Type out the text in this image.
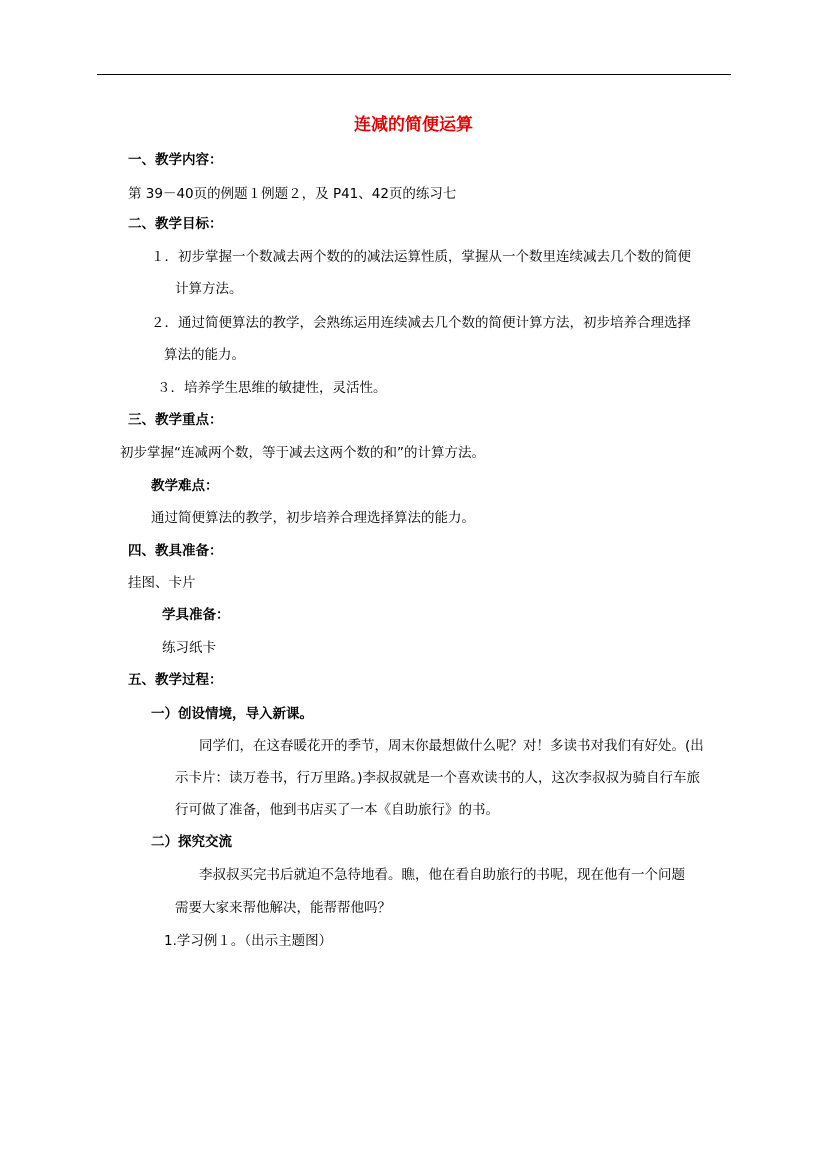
连减的简便运算
一、教学内容：
第 39－40页的例题１例题２，及 P41、42页的练习七
二、教学目标：
１．初步掌握一个数减去两个数的的减法运算性质，掌握从一个数里连续减去几个数的简便
计算方法。
２．通过简便算法的教学，会熟练运用连续减去几个数的简便计算方法，初步培养合理选择
算法的能力。
３．培养学生思维的敏捷性，灵活性。
三、教学重点：
初步掌握“连减两个数，等于减去这两个数的和”的计算方法。
教学难点：
通过简便算法的教学，初步培养合理选择算法的能力。
四、教具准备：
挂图、卡片
学具准备：
练习纸卡
五、教学过程：
一）创设情境，导入新课。
同学们，在这春暖花开的季节，周末你最想做什么呢？对！多读书对我们有好处。(出
示卡片：读万卷书，行万里路。)李叔叔就是一个喜欢读书的人，这次李叔叔为骑自行车旅
行可做了准备，他到书店买了一本《自助旅行》的书。
二）探究交流
李叔叔买完书后就迫不急待地看。瞧，他在看自助旅行的书呢，现在他有一个问题
需要大家来帮他解决，能帮帮他吗？
1.学习例１。（出示主题图）
